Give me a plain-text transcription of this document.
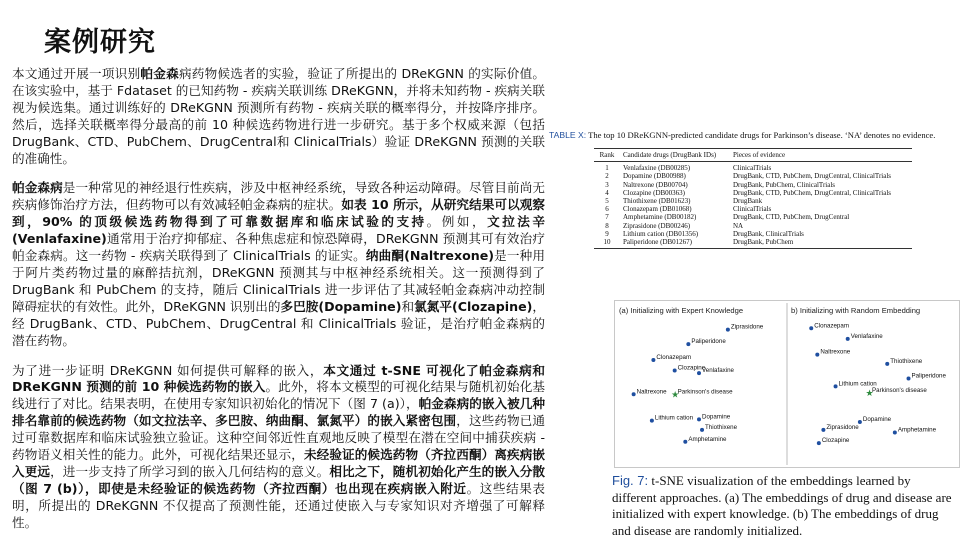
案例研究

本文通过开展一项识别帕金森病药物候选者的实验，验证了所提出的 DReKGNN 的实际价值。在该实验中，基于 Fdataset 的已知药物 - 疾病关联训练 DReKGNN，并将未知药物 - 疾病关联视为候选集。通过训练好的 DReKGNN 预测所有药物 - 疾病关联的概率得分，并按降序排序。然后，选择关联概率得分最高的前 10 种候选药物进行进一步研究。基于多个权威来源（包括 DrugBank、CTD、PubChem、DrugCentral和 ClinicalTrials）验证 DReKGNN 预测的关联的准确性。

帕金森病是一种常见的神经退行性疾病，涉及中枢神经系统，导致各种运动障碍。尽管目前尚无疾病修饰治疗方法，但药物可以有效减轻帕金森病的症状。如表 10 所示，从研究结果可以观察到，90% 的顶级候选药物得到了可靠数据库和临床试验的支持。例如，文拉法辛(Venlafaxine)通常用于治疗抑郁症、各种焦虑症和惊恐障碍，DReKGNN 预测其可有效治疗帕金森病。这一药物 - 疾病关联得到了 ClinicalTrials 的证实。纳曲酮(Naltrexone)是一种用于阿片类药物过量的麻醉拮抗剂，DReKGNN 预测其与中枢神经系统相关。这一预测得到了 DrugBank 和 PubChem 的支持，随后 ClinicalTrials 进一步评估了其减轻帕金森病冲动控制障碍症状的有效性。此外，DReKGNN 识别出的多巴胺(Dopamine)和氯氮平(Clozapine)，经 DrugBank、CTD、PubChem、DrugCentral 和 ClinicalTrials 验证，是治疗帕金森病的潜在药物。

为了进一步证明 DReKGNN 如何提供可解释的嵌入，本文通过 t-SNE 可视化了帕金森病和 DReKGNN 预测的前 10 种候选药物的嵌入。此外，将本文模型的可视化结果与随机初始化基线进行了对比。结果表明，在使用专家知识初始化的情况下（图 7 (a)），帕金森病的嵌入被几种排名靠前的候选药物（如文拉法辛、多巴胺、纳曲酮、氯氮平）的嵌入紧密包围，这些药物已通过可靠数据库和临床试验独立验证。这种空间邻近性直观地反映了模型在潜在空间中捕获疾病 - 药物语义相关性的能力。此外，可视化结果还显示，未经验证的候选药物（齐拉西酮）离疾病嵌入更远，进一步支持了所学习到的嵌入几何结构的意义。相比之下，随机初始化产生的嵌入分散（图 7 (b)），即使是未经验证的候选药物（齐拉西酮）也出现在疾病嵌入附近。这些结果表明，所提出的 DReKGNN 不仅提高了预测性能，还通过使嵌入与专家知识对齐增强了可解释性。

TABLE X: The top 10 DReKGNN-predicted candidate drugs for Parkinson’s disease. ‘NA’ denotes no evidence.

Rank	Candidate drugs (DrugBank IDs)	Pieces of evidence
1	Venlafaxine (DB00285)	ClinicalTrials
2	Dopamine (DB00988)	DrugBank, CTD, PubChem, DrugCentral, ClinicalTrials
3	Naltrexone (DB00704)	DrugBank, PubChem, ClinicalTrials
4	Clozapine (DB00363)	DrugBank, CTD, PubChem, DrugCentral, ClinicalTrials
5	Thiothixene (DB01623)	DrugBank
6	Clonazepam (DB01068)	ClinicalTrials
7	Amphetamine (DB00182)	DrugBank, CTD, PubChem, DrugCentral
8	Ziprasidone (DB00246)	NA
9	Lithium cation (DB01356)	DrugBank, ClinicalTrials
10	Paliperidone (DB01267)	DrugBank, PubChem
(a) Initializing with Expert Knowledge
Ziprasidone
Paliperidone
Clonazepam
Clozapine
Venlafaxine
Naltrexone ★
Parkinson's disease
Lithium cation Dopamine
Thiothixene
Amphetamine
b) Initializing with Random Embedding
Clonazepam
Venlafaxine
Naltrexone
Thiothixene
Paliperidone
Lithium cation
★
Parkinson's disease
Dopamine
Ziprasidone	Amphetamine
Clozapine
Fig. 7: t-SNE visualization of the embeddings learned by different approaches. (a) The embeddings of drug and disease are initialized with expert knowledge. (b) The embeddings of drug and disease are randomly initialized.
